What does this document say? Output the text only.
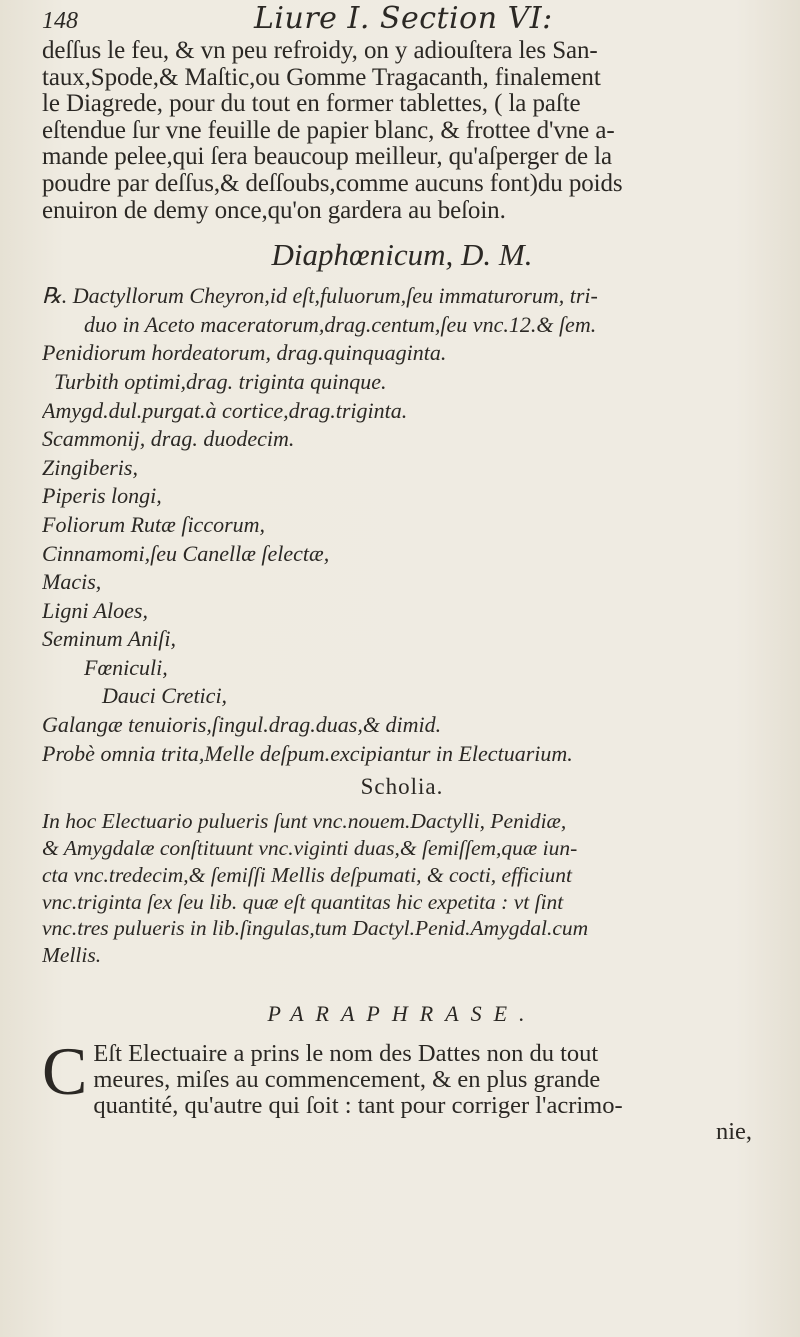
148	Liure I. Section VI:
deſſus le feu, & vn peu refroidy, on y adiouſtera les San-
taux,Spode,& Maſtic,ou Gomme Tragacanth, finalement
le Diagrede, pour du tout en former tablettes, ( la paſte
eſtendue ſur vne feuille de papier blanc, & frottee d'vne a-
mande pelee,qui ſera beaucoup meilleur, qu'aſperger de la
poudre par deſſus,& deſſoubs,comme aucuns font)du poids
enuiron de demy once,qu'on gardera au beſoin.
Diaphœnicum, D. M.
℞. Dactyllorum Cheyron,id eſt,fuluorum,ſeu immaturorum, tri-
duo in Aceto maceratorum,drag.centum,ſeu vnc.12.& ſem.
Penidiorum hordeatorum, drag.quinquaginta.
Turbith optimi,drag. triginta quinque.
Amygd.dul.purgat.à cortice,drag.triginta.
Scammonij, drag. duodecim.
Zingiberis,
Piperis longi,
Foliorum Rutæ ſiccorum,
Cinnamomi,ſeu Canellæ ſelectæ,
Macis,
Ligni Aloes,
Seminum Aniſi,
Fœniculi,
Dauci Cretici,
Galangæ tenuioris,ſingul.drag.duas,& dimid.
Probè omnia trita,Melle deſpum.excipiantur in Electuarium.
Scholia.
In hoc Electuario pulueris ſunt vnc.nouem.Dactylli, Penidiæ,
& Amygdalæ conſtituunt vnc.viginti duas,& ſemiſſem,quæ iun-
cta vnc.tredecim,& ſemiſſi Mellis deſpumati, & cocti, efficiunt
vnc.triginta ſex ſeu lib. quæ eſt quantitas hic expetita : vt ſint
vnc.tres pulueris in lib.ſingulas,tum Dactyl.Penid.Amygdal.cum
Mellis.
PARAPHRASE.
C Eſt Electuaire a prins le nom des Dattes non du tout
meures, miſes au commencement, & en plus grande
quantité, qu'autre qui ſoit : tant pour corriger l'acrimo-
nie,
